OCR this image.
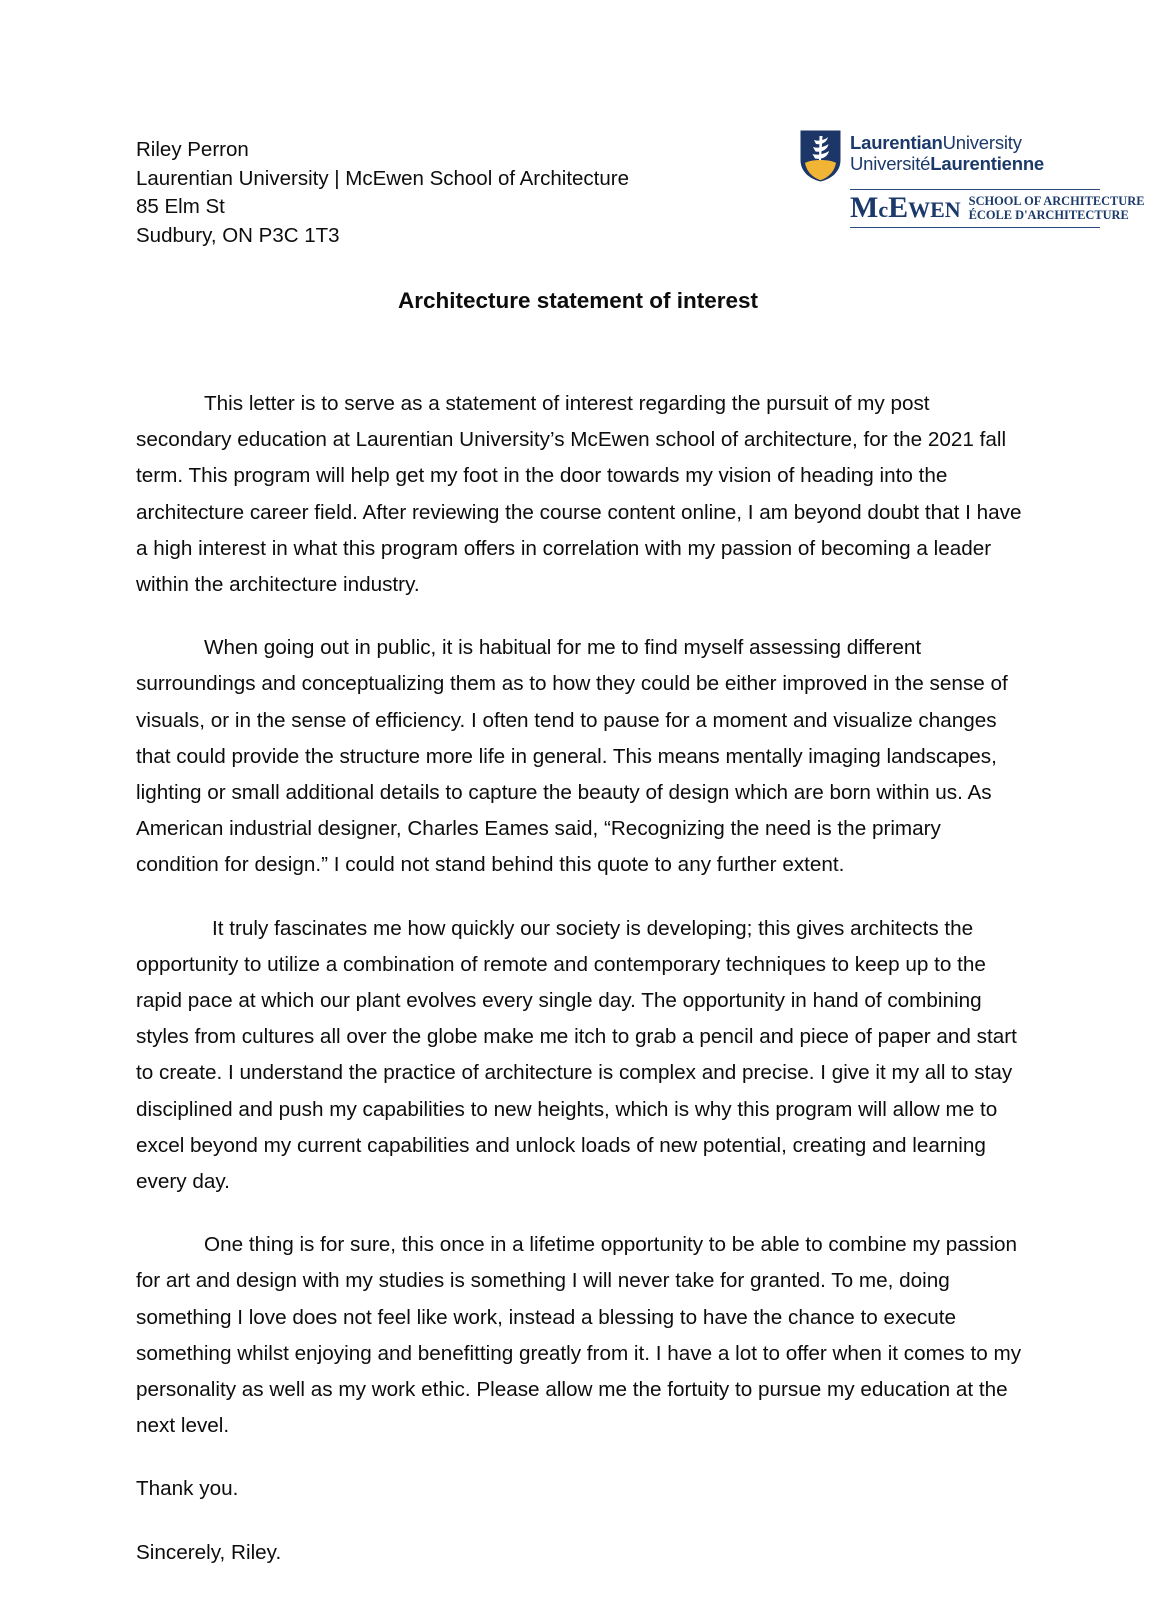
Riley Perron
Laurentian University | McEwen School of Architecture
85 Elm St
Sudbury, ON P3C 1T3
LaurentianUniversity
UniversitéLaurentienne
McEWEN SCHOOL OF ARCHITECTURE
ÉCOLE D'ARCHITECTURE
Architecture statement of interest

This letter is to serve as a statement of interest regarding the pursuit of my post secondary education at Laurentian University’s McEwen school of architecture, for the 2021 fall term. This program will help get my foot in the door towards my vision of heading into the architecture career field. After reviewing the course content online, I am beyond doubt that I have a high interest in what this program offers in correlation with my passion of becoming a leader within the architecture industry.

When going out in public, it is habitual for me to find myself assessing different surroundings and conceptualizing them as to how they could be either improved in the sense of visuals, or in the sense of efficiency. I often tend to pause for a moment and visualize changes that could provide the structure more life in general. This means mentally imaging landscapes, lighting or small additional details to capture the beauty of design which are born within us. As American industrial designer, Charles Eames said, “Recognizing the need is the primary condition for design.” I could not stand behind this quote to any further extent.

It truly fascinates me how quickly our society is developing; this gives architects the opportunity to utilize a combination of remote and contemporary techniques to keep up to the rapid pace at which our plant evolves every single day. The opportunity in hand of combining styles from cultures all over the globe make me itch to grab a pencil and piece of paper and start to create. I understand the practice of architecture is complex and precise. I give it my all to stay disciplined and push my capabilities to new heights, which is why this program will allow me to excel beyond my current capabilities and unlock loads of new potential, creating and learning every day.

One thing is for sure, this once in a lifetime opportunity to be able to combine my passion for art and design with my studies is something I will never take for granted. To me, doing something I love does not feel like work, instead a blessing to have the chance to execute something whilst enjoying and benefitting greatly from it. I have a lot to offer when it comes to my personality as well as my work ethic. Please allow me the fortuity to pursue my education at the next level.

Thank you.

Sincerely, Riley.
